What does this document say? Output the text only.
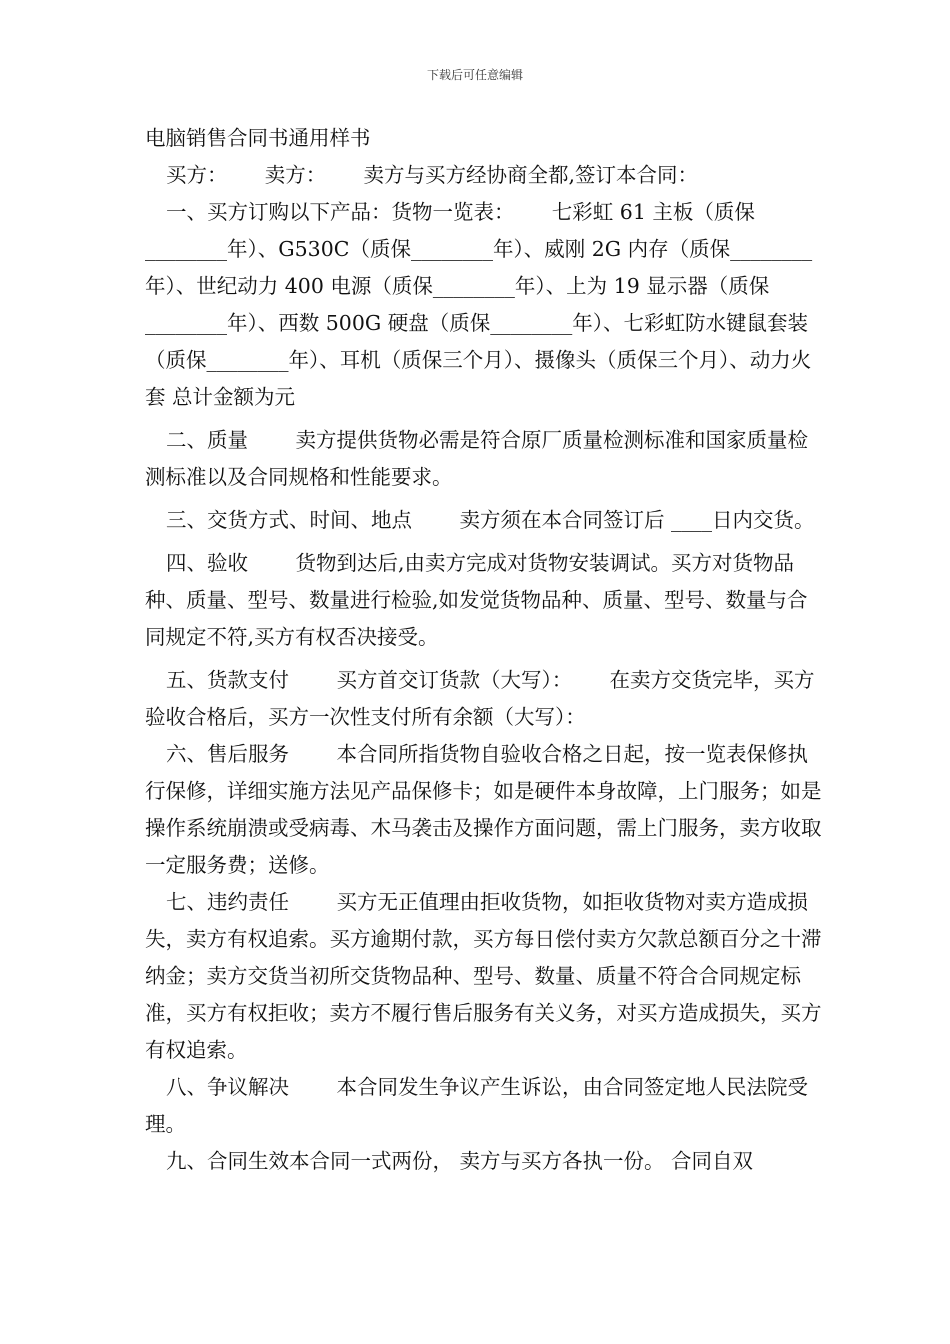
下载后可任意编辑

电脑销售合同书通用样书

买方：　　 卖方：　　 卖方与买方经协商全都,签订本合同：

一、买方订购以下产品：货物一览表：　　 七彩虹 61 主板（质保________年）、G530C（质保________年）、威刚 2G 内存（质保________年）、世纪动力 400 电源（质保________年）、上为 19 显示器（质保________年）、西数 500G 硬盘（质保________年）、七彩虹防水键鼠套装（质保________年）、耳机（质保三个月）、摄像头（质保三个月）、动力火套 总计金额为元

二、质量　　 卖方提供货物必需是符合原厂质量检测标准和国家质量检测标准以及合同规格和性能要求。

三、交货方式、时间、地点　　 卖方须在本合同签订后 ____日内交货。

四、验收　　 货物到达后,由卖方完成对货物安装调试。买方对货物品种、质量、型号、数量进行检验,如发觉货物品种、质量、型号、数量与合同规定不符,买方有权否决接受。

五、货款支付　　 买方首交订货款（大写）：　　 在卖方交货完毕，买方验收合格后，买方一次性支付所有余额（大写）：

六、售后服务　　 本合同所指货物自验收合格之日起，按一览表保修执行保修，详细实施方法见产品保修卡；如是硬件本身故障，上门服务；如是操作系统崩溃或受病毒、木马袭击及操作方面问题，需上门服务，卖方收取一定服务费；送修。

七、违约责任　　 买方无正值理由拒收货物，如拒收货物对卖方造成损失，卖方有权追索。买方逾期付款，买方每日偿付卖方欠款总额百分之十滞纳金；卖方交货当初所交货物品种、型号、数量、质量不符合合同规定标准，买方有权拒收；卖方不履行售后服务有关义务，对买方造成损失，买方有权追索。

八、争议解决　　 本合同发生争议产生诉讼，由合同签定地人民法院受理。

九、合同生效本合同一式两份， 卖方与买方各执一份。 合同自双
